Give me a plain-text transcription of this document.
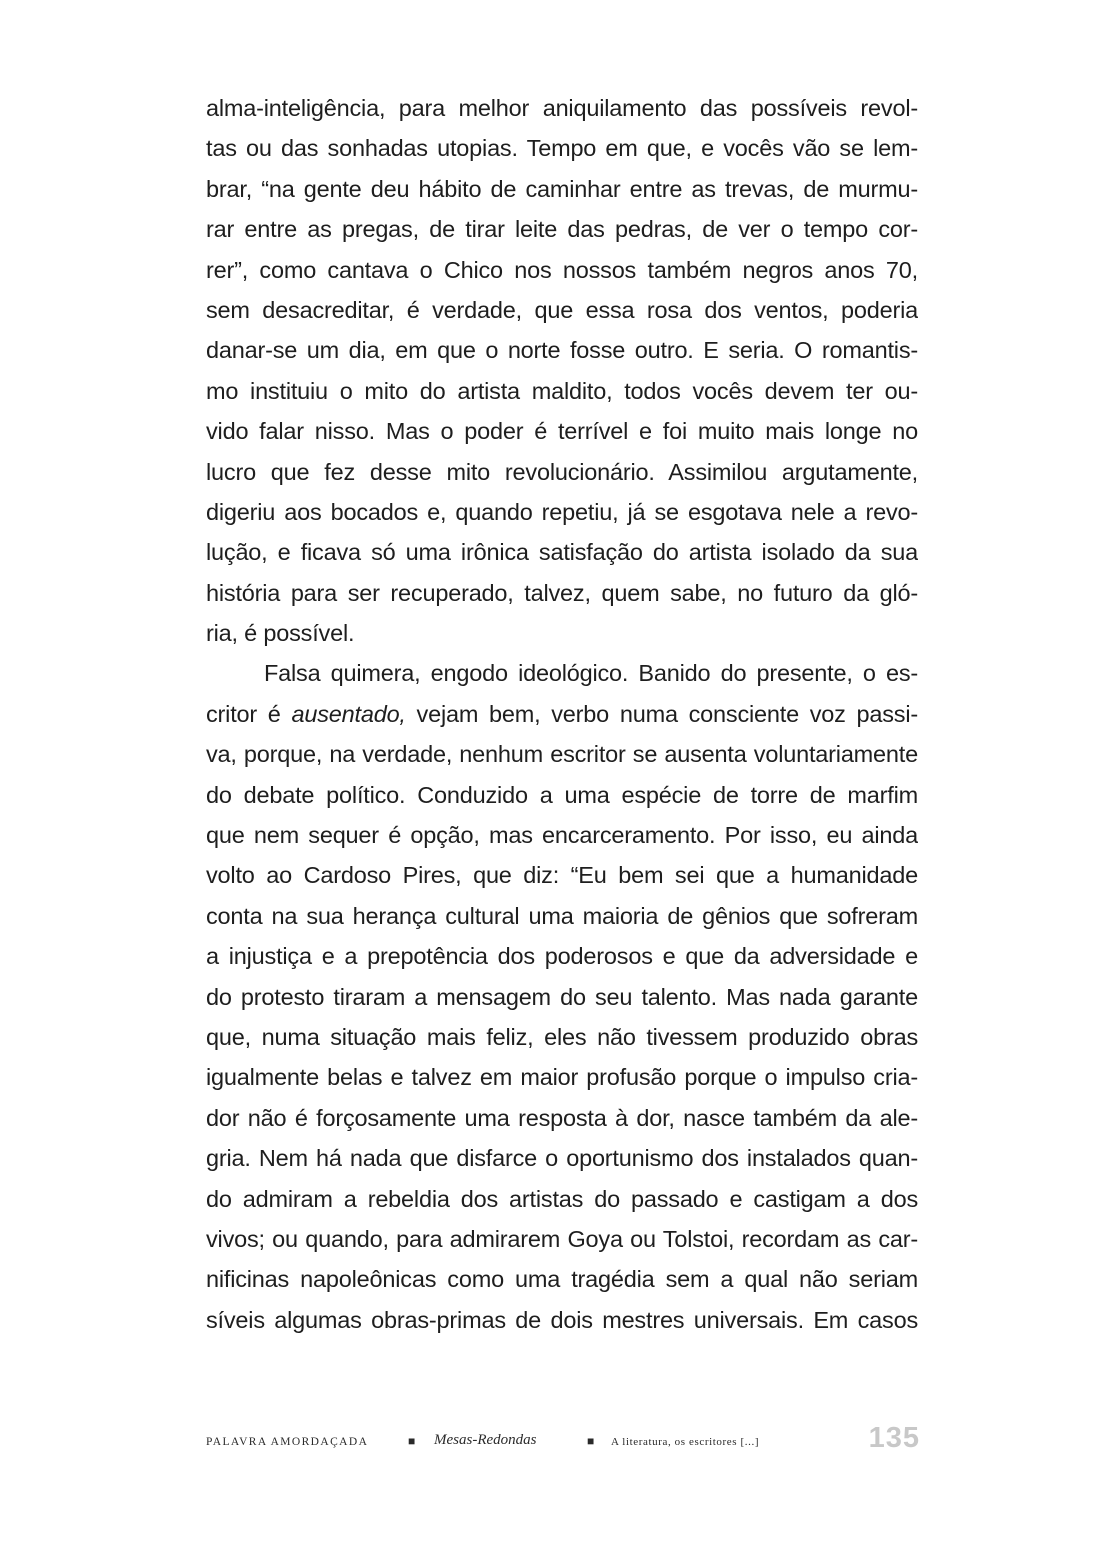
alma-inteligência, para melhor aniquilamento das possíveis revol-
tas ou das sonhadas utopias. Tempo em que, e vocês vão se lem-
brar, “na gente deu hábito de caminhar entre as trevas, de murmu-
rar entre as pregas, de tirar leite das pedras, de ver o tempo cor-
rer”, como cantava o Chico nos nossos também negros anos 70,
sem desacreditar, é verdade, que essa rosa dos ventos, poderia
danar-se um dia, em que o norte fosse outro. E seria. O romantis-
mo instituiu o mito do artista maldito, todos vocês devem ter ou-
vido falar nisso. Mas o poder é terrível e foi muito mais longe no
lucro que fez desse mito revolucionário. Assimilou argutamente,
digeriu aos bocados e, quando repetiu, já se esgotava nele a revo-
lução, e ficava só uma irônica satisfação do artista isolado da sua
história para ser recuperado, talvez, quem sabe, no futuro da gló-
ria, é possível.
Falsa quimera, engodo ideológico. Banido do presente, o es-
critor é ausentado, vejam bem, verbo numa consciente voz passi-
va, porque, na verdade, nenhum escritor se ausenta voluntariamente
do debate político. Conduzido a uma espécie de torre de marfim
que nem sequer é opção, mas encarceramento. Por isso, eu ainda
volto ao Cardoso Pires, que diz: “Eu bem sei que a humanidade
conta na sua herança cultural uma maioria de gênios que sofreram
a injustiça e a prepotência dos poderosos e que da adversidade e
do protesto tiraram a mensagem do seu talento. Mas nada garante
que, numa situação mais feliz, eles não tivessem produzido obras
igualmente belas e talvez em maior profusão porque o impulso cria-
dor não é forçosamente uma resposta à dor, nasce também da ale-
gria. Nem há nada que disfarce o oportunismo dos instalados quan-
do admiram a rebeldia dos artistas do passado e castigam a dos
vivos; ou quando, para admirarem Goya ou Tolstoi, recordam as car-
nificinas napoleônicas como uma tragédia sem a qual não seriam
síveis algumas obras-primas de dois mestres universais. Em casos
PALAVRA AMORDAÇADA	■ Mesas-Redondas	■ A literatura, os escritores [...]	135
